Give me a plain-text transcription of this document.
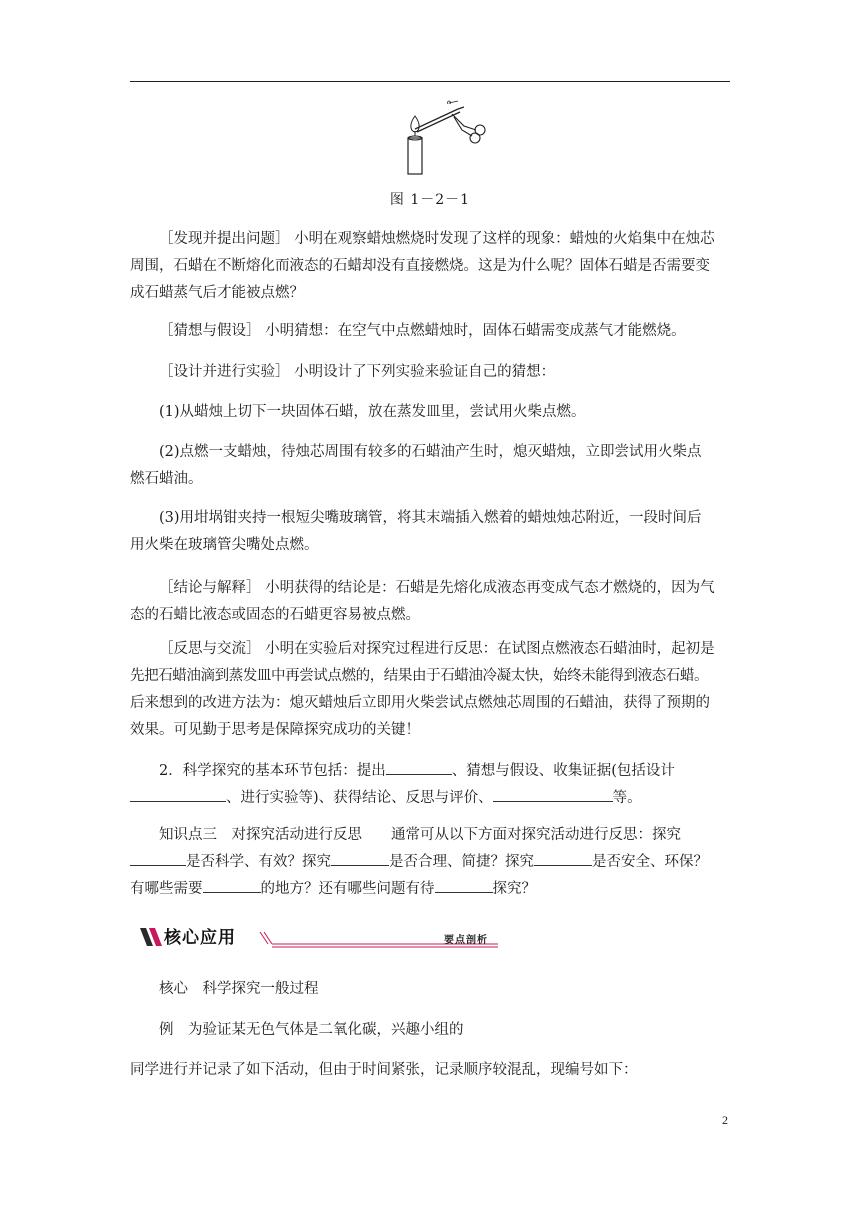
图 1－2－1

［发现并提出问题］ 小明在观察蜡烛燃烧时发现了这样的现象：蜡烛的火焰集中在烛芯
周围，石蜡在不断熔化而液态的石蜡却没有直接燃烧。这是为什么呢？固体石蜡是否需要变
成石蜡蒸气后才能被点燃？

［猜想与假设］ 小明猜想：在空气中点燃蜡烛时，固体石蜡需变成蒸气才能燃烧。

［设计并进行实验］ 小明设计了下列实验来验证自己的猜想：

(1)从蜡烛上切下一块固体石蜡，放在蒸发皿里，尝试用火柴点燃。

(2)点燃一支蜡烛，待烛芯周围有较多的石蜡油产生时，熄灭蜡烛，立即尝试用火柴点
燃石蜡油。

(3)用坩埚钳夹持一根短尖嘴玻璃管，将其末端插入燃着的蜡烛烛芯附近，一段时间后
用火柴在玻璃管尖嘴处点燃。

［结论与解释］ 小明获得的结论是：石蜡是先熔化成液态再变成气态才燃烧的，因为气
态的石蜡比液态或固态的石蜡更容易被点燃。

［反思与交流］ 小明在实验后对探究过程进行反思：在试图点燃液态石蜡油时，起初是
先把石蜡油滴到蒸发皿中再尝试点燃的，结果由于石蜡油冷凝太快，始终未能得到液态石蜡。
后来想到的改进方法为：熄灭蜡烛后立即用火柴尝试点燃烛芯周围的石蜡油，获得了预期的
效果。可见勤于思考是保障探究成功的关键！

2．科学探究的基本环节包括：提出	、猜想与假设、收集证据(包括设计
、进行实验等)、获得结论、反思与评价、	等。

知识点三　对探究活动进行反思　　通常可从以下方面对探究活动进行反思：探究
是否科学、有效？探究	是否合理、简捷？探究	是否安全、环保？
有哪些需要	的地方？还有哪些问题有待	探究？

核心应用	要点剖析

核心　科学探究一般过程

例　为验证某无色气体是二氧化碳，兴趣小组的

同学进行并记录了如下活动，但由于时间紧张，记录顺序较混乱，现编号如下：

2
